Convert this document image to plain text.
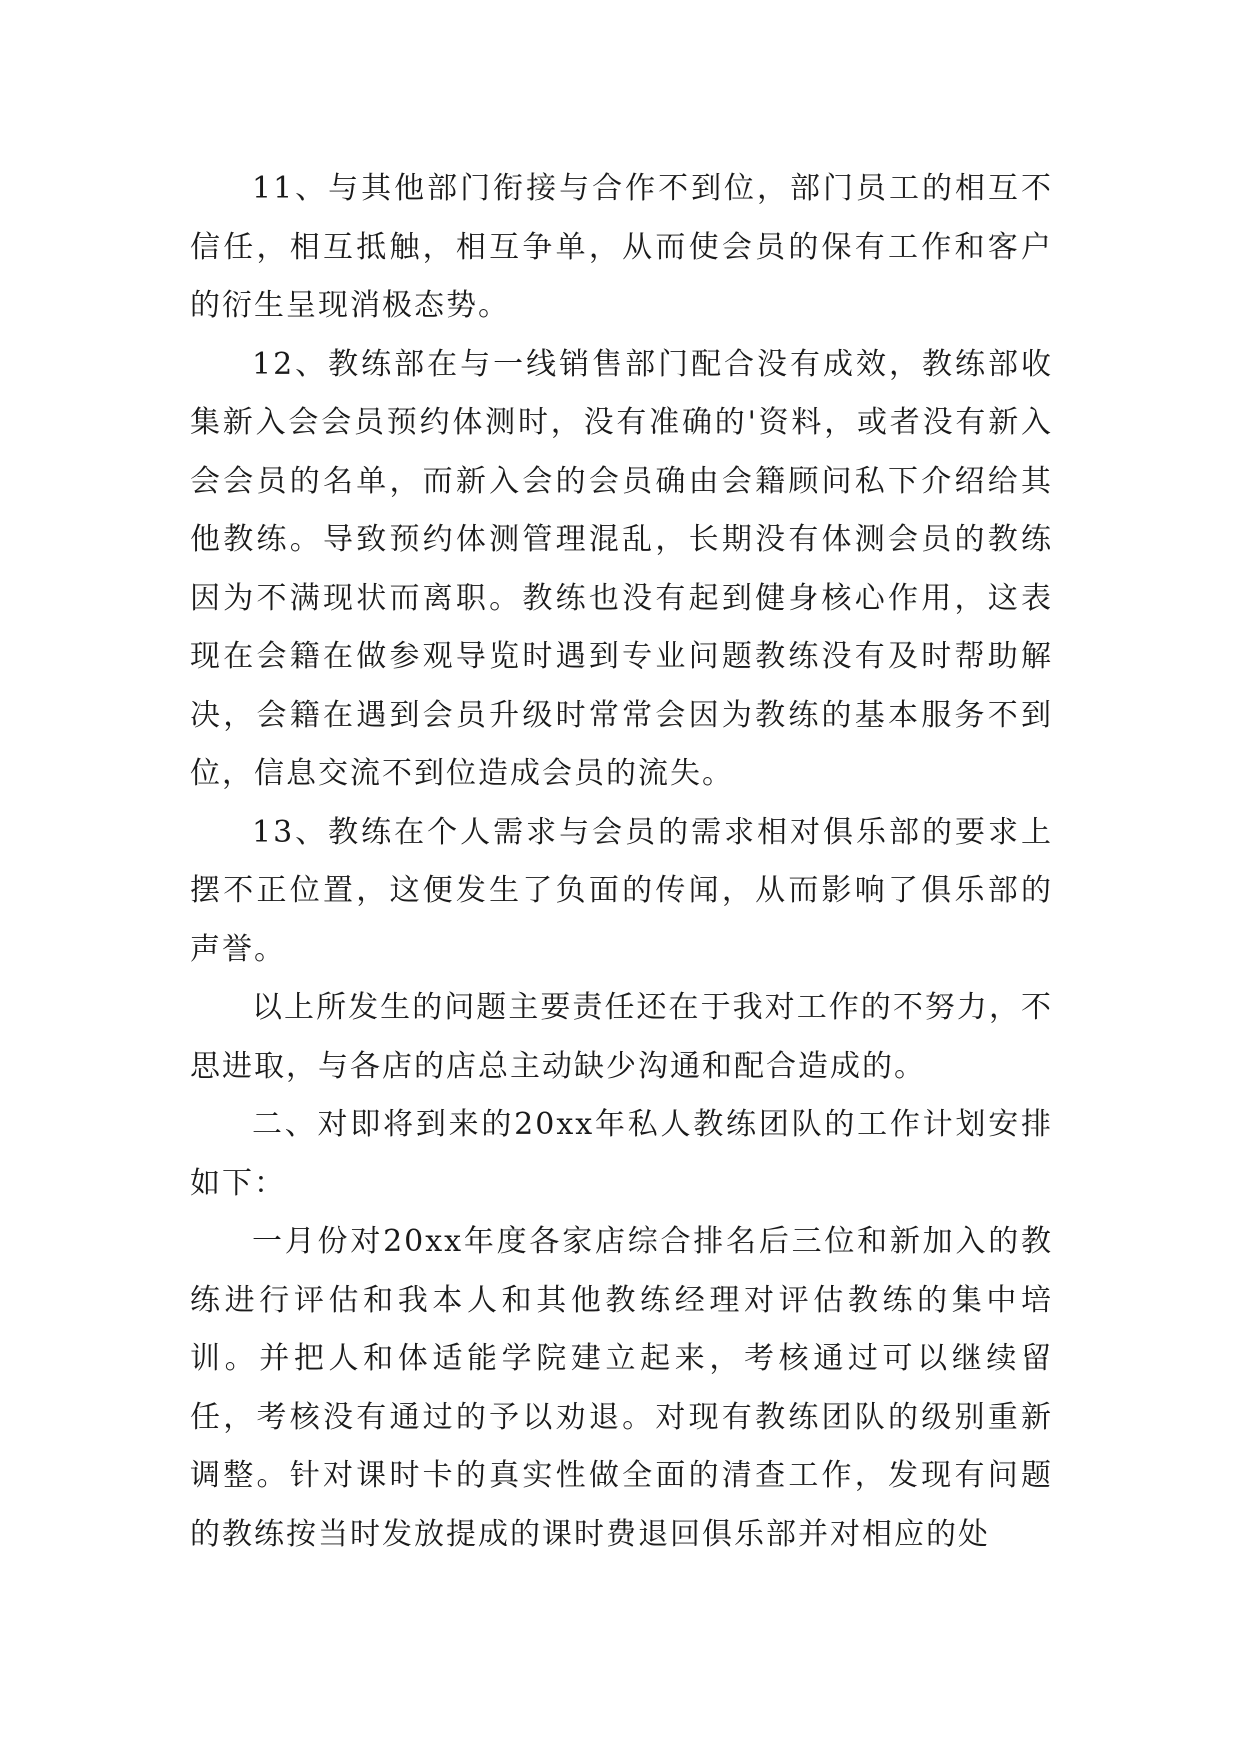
11、与其他部门衔接与合作不到位，部门员工的相互不信任，相互抵触，相互争单，从而使会员的保有工作和客户的衍生呈现消极态势。

12、教练部在与一线销售部门配合没有成效，教练部收集新入会会员预约体测时，没有准确的'资料，或者没有新入会会员的名单，而新入会的会员确由会籍顾问私下介绍给其他教练。导致预约体测管理混乱，长期没有体测会员的教练因为不满现状而离职。教练也没有起到健身核心作用，这表现在会籍在做参观导览时遇到专业问题教练没有及时帮助解决，会籍在遇到会员升级时常常会因为教练的基本服务不到位，信息交流不到位造成会员的流失。

13、教练在个人需求与会员的需求相对俱乐部的要求上摆不正位置，这便发生了负面的传闻，从而影响了俱乐部的声誉。

以上所发生的问题主要责任还在于我对工作的不努力，不思进取，与各店的店总主动缺少沟通和配合造成的。

二、对即将到来的20xx年私人教练团队的工作计划安排如下：

一月份对20xx年度各家店综合排名后三位和新加入的教练进行评估和我本人和其他教练经理对评估教练的集中培训。并把人和体适能学院建立起来，考核通过可以继续留任，考核没有通过的予以劝退。对现有教练团队的级别重新调整。针对课时卡的真实性做全面的清查工作，发现有问题的教练按当时发放提成的课时费退回俱乐部并对相应的处
